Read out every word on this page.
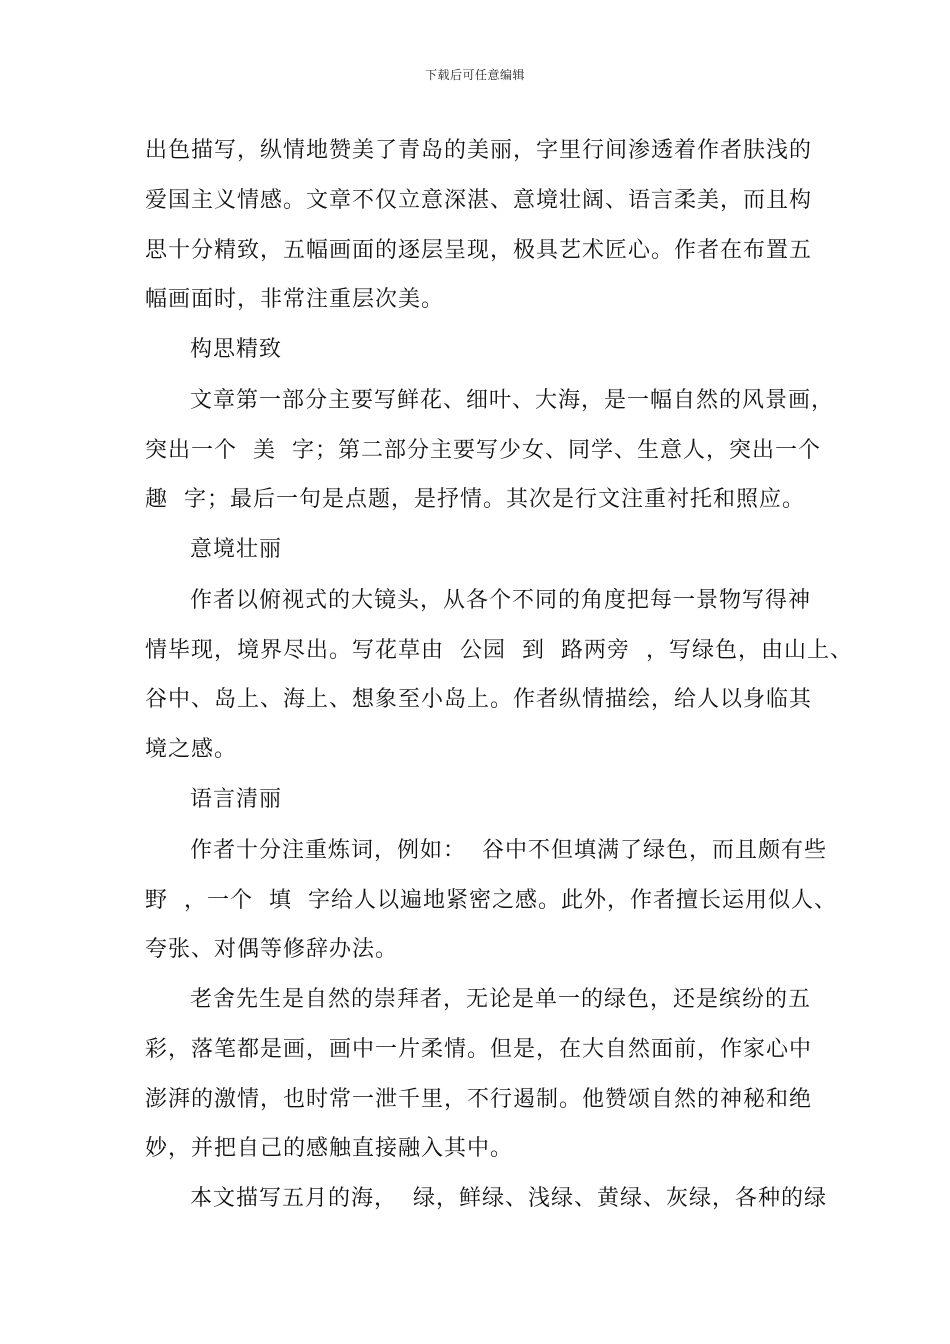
下载后可任意编辑
出色描写，纵情地赞美了青岛的美丽，字里行间渗透着作者肤浅的
爱国主义情感。文章不仅立意深湛、意境壮阔、语言柔美，而且构
思十分精致，五幅画面的逐层呈现，极具艺术匠心。作者在布置五
幅画面时，非常注重层次美。
构思精致
文章第一部分主要写鲜花、细叶、大海，是一幅自然的风景画，
突出一个  美  字；第二部分主要写少女、同学、生意人，突出一个
趣  字；最后一句是点题，是抒情。其次是行文注重衬托和照应。
意境壮丽
作者以俯视式的大镜头，从各个不同的角度把每一景物写得神
情毕现，境界尽出。写花草由  公园  到  路两旁  ，写绿色，由山上、
谷中、岛上、海上、想象至小岛上。作者纵情描绘，给人以身临其
境之感。
语言清丽
作者十分注重炼词，例如：  谷中不但填满了绿色，而且颇有些
野  ，一个  填  字给人以遍地紧密之感。此外，作者擅长运用似人、
夸张、对偶等修辞办法。
老舍先生是自然的崇拜者，无论是单一的绿色，还是缤纷的五
彩，落笔都是画，画中一片柔情。但是，在大自然面前，作家心中
澎湃的激情，也时常一泄千里，不行遏制。他赞颂自然的神秘和绝
妙，并把自己的感触直接融入其中。
本文描写五月的海，  绿，鲜绿、浅绿、黄绿、灰绿，各种的绿
